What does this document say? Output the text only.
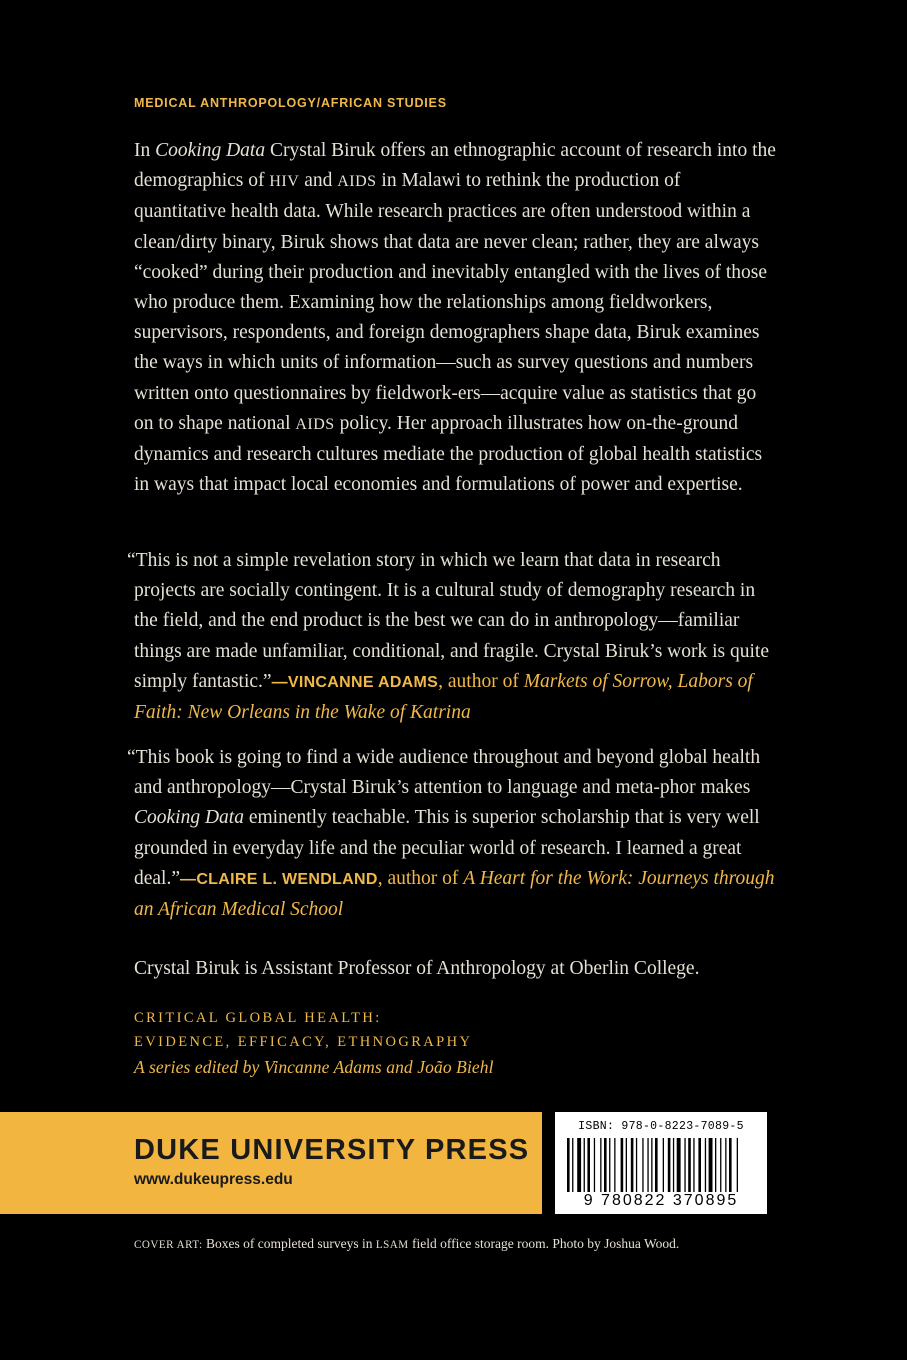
MEDICAL ANTHROPOLOGY/AFRICAN STUDIES

In Cooking Data Crystal Biruk offers an ethnographic account of research into the demographics of HIV and AIDS in Malawi to rethink the production of quantitative health data. While research practices are often understood within a clean/dirty binary, Biruk shows that data are never clean; rather, they are always “cooked” during their production and inevitably entangled with the lives of those who produce them. Examining how the relationships among fieldworkers, supervisors, respondents, and foreign demographers shape data, Biruk examines the ways in which units of information—such as survey questions and numbers written onto questionnaires by fieldwork-ers—acquire value as statistics that go on to shape national AIDS policy. Her approach illustrates how on-the-ground dynamics and research cultures mediate the production of global health statistics in ways that impact local economies and formulations of power and expertise.

“This is not a simple revelation story in which we learn that data in research projects are socially contingent. It is a cultural study of demography research in the field, and the end product is the best we can do in anthropology—familiar things are made unfamiliar, conditional, and fragile. Crystal Biruk’s work is quite simply fantastic.”—VINCANNE ADAMS, author of Markets of Sorrow, Labors of Faith: New Orleans in the Wake of Katrina

“This book is going to find a wide audience throughout and beyond global health and anthropology—Crystal Biruk’s attention to language and meta-phor makes Cooking Data eminently teachable. This is superior scholarship that is very well grounded in everyday life and the peculiar world of research. I learned a great deal.”—CLAIRE L. WENDLAND, author of A Heart for the Work: Journeys through an African Medical School

Crystal Biruk is Assistant Professor of Anthropology at Oberlin College.

CRITICAL GLOBAL HEALTH:
EVIDENCE, EFFICACY, ETHNOGRAPHY
A series edited by Vincanne Adams and João Biehl
DUKE UNIVERSITY PRESS
www.dukeupress.edu
ISBN: 978-0-8223-7089-5
9 780822 370895
COVER ART: Boxes of completed surveys in LSAM field office storage room. Photo by Joshua Wood.
